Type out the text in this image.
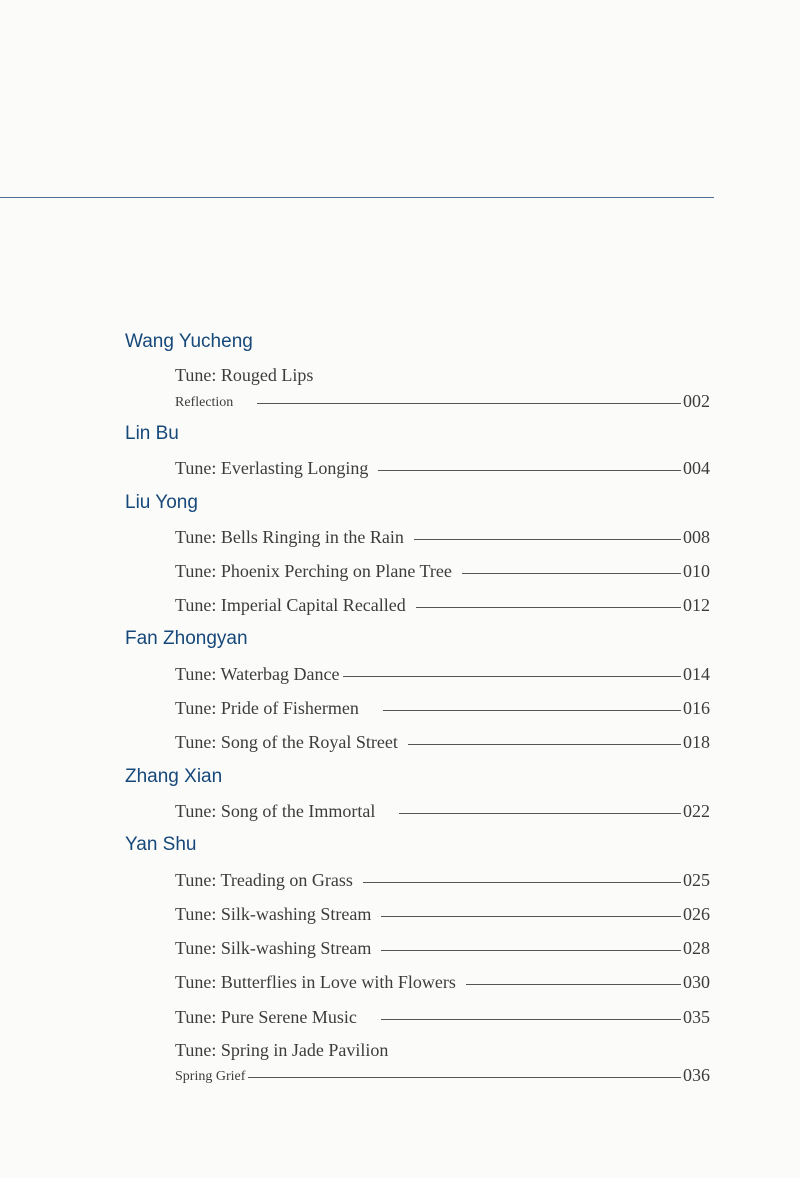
Wang Yucheng
Tune: Rouged Lips
Reflection	002
Lin Bu
Tune: Everlasting Longing	004
Liu Yong
Tune: Bells Ringing in the Rain	008
Tune: Phoenix Perching on Plane Tree	010
Tune: Imperial Capital Recalled	012
Fan Zhongyan
Tune: Waterbag Dance	014
Tune: Pride of Fishermen	016
Tune: Song of the Royal Street	018
Zhang Xian
Tune: Song of the Immortal	022
Yan Shu
Tune: Treading on Grass	025
Tune: Silk-washing Stream	026
Tune: Silk-washing Stream	028
Tune: Butterflies in Love with Flowers	030
Tune: Pure Serene Music	035
Tune: Spring in Jade Pavilion
Spring Grief	036
